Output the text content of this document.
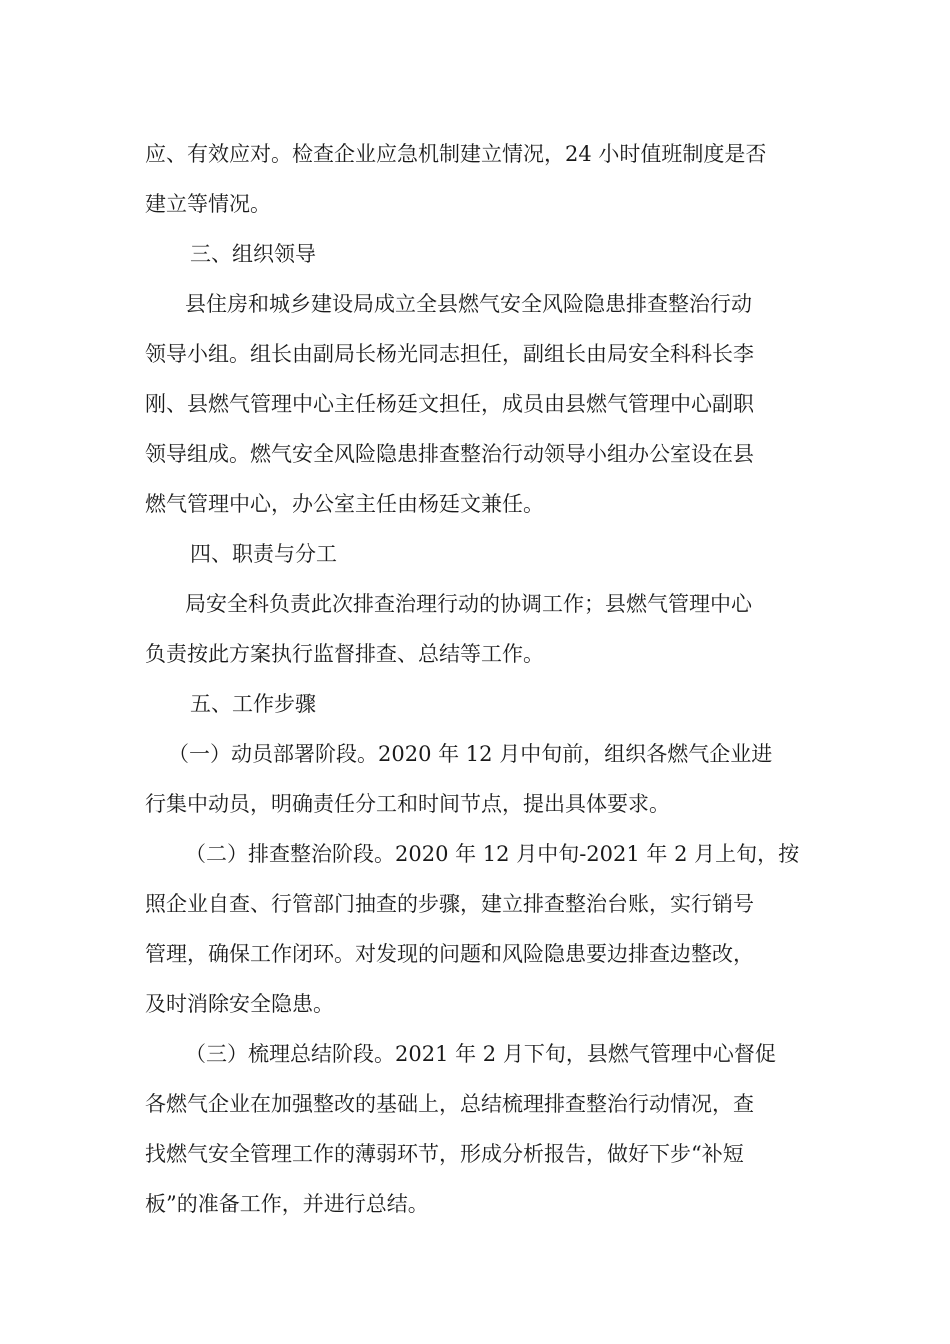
应、有效应对。检查企业应急机制建立情况，24 小时值班制度是否
建立等情况。
三、组织领导
县住房和城乡建设局成立全县燃气安全风险隐患排查整治行动
领导小组。组长由副局长杨光同志担任，副组长由局安全科科长李
刚、县燃气管理中心主任杨廷文担任，成员由县燃气管理中心副职
领导组成。燃气安全风险隐患排查整治行动领导小组办公室设在县
燃气管理中心，办公室主任由杨廷文兼任。
四、职责与分工
局安全科负责此次排查治理行动的协调工作；县燃气管理中心
负责按此方案执行监督排查、总结等工作。
五、工作步骤
（一）动员部署阶段。2020 年 12 月中旬前，组织各燃气企业进
行集中动员，明确责任分工和时间节点，提出具体要求。
（二）排查整治阶段。2020 年 12 月中旬-2021 年 2 月上旬，按
照企业自查、行管部门抽查的步骤，建立排查整治台账，实行销号
管理，确保工作闭环。对发现的问题和风险隐患要边排查边整改，
及时消除安全隐患。
（三）梳理总结阶段。2021 年 2 月下旬，县燃气管理中心督促
各燃气企业在加强整改的基础上，总结梳理排查整治行动情况，查
找燃气安全管理工作的薄弱环节，形成分析报告，做好下步“补短
板”的准备工作，并进行总结。
